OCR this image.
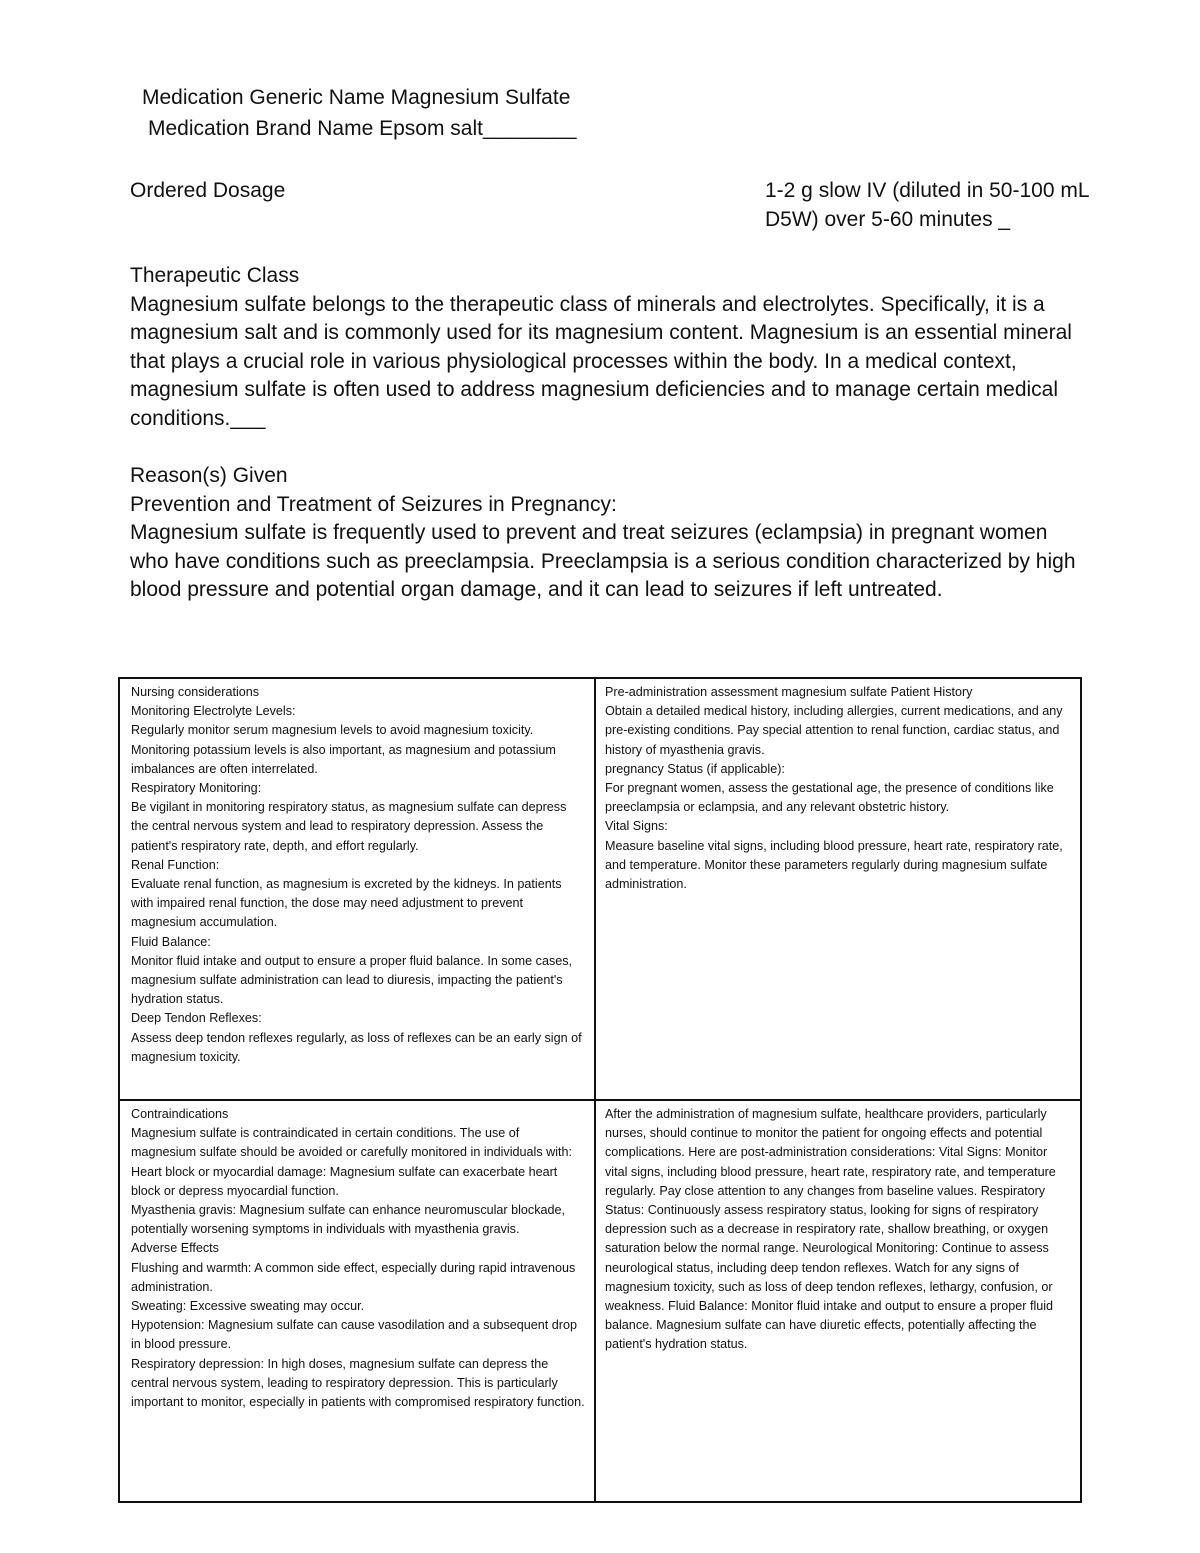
Medication Generic Name Magnesium Sulfate
Medication Brand Name Epsom salt________
Ordered Dosage	1-2 g slow IV (diluted in 50-100 mL D5W) over 5-60 minutes _

Therapeutic Class

Magnesium sulfate belongs to the therapeutic class of minerals and electrolytes. Specifically, it is a magnesium salt and is commonly used for its magnesium content. Magnesium is an essential mineral that plays a crucial role in various physiological processes within the body. In a medical context, magnesium sulfate is often used to address magnesium deficiencies and to manage certain medical conditions.___

Reason(s) Given

Prevention and Treatment of Seizures in Pregnancy:

Magnesium sulfate is frequently used to prevent and treat seizures (eclampsia) in pregnant women who have conditions such as preeclampsia. Preeclampsia is a serious condition characterized by high blood pressure and potential organ damage, and it can lead to seizures if left untreated.

Nursing considerations

Monitoring Electrolyte Levels:

Regularly monitor serum magnesium levels to avoid magnesium toxicity. Monitoring potassium levels is also important, as magnesium and potassium imbalances are often interrelated.

Respiratory Monitoring:

Be vigilant in monitoring respiratory status, as magnesium sulfate can depress the central nervous system and lead to respiratory depression. Assess the patient's respiratory rate, depth, and effort regularly.

Renal Function:

Evaluate renal function, as magnesium is excreted by the kidneys. In patients with impaired renal function, the dose may need adjustment to prevent magnesium accumulation.

Fluid Balance:

Monitor fluid intake and output to ensure a proper fluid balance. In some cases, magnesium sulfate administration can lead to diuresis, impacting the patient's hydration status.

Deep Tendon Reflexes:

Assess deep tendon reflexes regularly, as loss of reflexes can be an early sign of magnesium toxicity.

Pre-administration assessment magnesium sulfate Patient History

Obtain a detailed medical history, including allergies, current medications, and any pre-existing conditions. Pay special attention to renal function, cardiac status, and history of myasthenia gravis.

pregnancy Status (if applicable):

For pregnant women, assess the gestational age, the presence of conditions like preeclampsia or eclampsia, and any relevant obstetric history.

Vital Signs:

Measure baseline vital signs, including blood pressure, heart rate, respiratory rate, and temperature. Monitor these parameters regularly during magnesium sulfate administration.

Contraindications

Magnesium sulfate is contraindicated in certain conditions. The use of magnesium sulfate should be avoided or carefully monitored in individuals with:

Heart block or myocardial damage: Magnesium sulfate can exacerbate heart block or depress myocardial function.

Myasthenia gravis: Magnesium sulfate can enhance neuromuscular blockade, potentially worsening symptoms in individuals with myasthenia gravis.

Adverse Effects

Flushing and warmth: A common side effect, especially during rapid intravenous administration.

Sweating: Excessive sweating may occur.

Hypotension: Magnesium sulfate can cause vasodilation and a subsequent drop in blood pressure.

Respiratory depression: In high doses, magnesium sulfate can depress the central nervous system, leading to respiratory depression. This is particularly important to monitor, especially in patients with compromised respiratory function.

After the administration of magnesium sulfate, healthcare providers, particularly nurses, should continue to monitor the patient for ongoing effects and potential complications. Here are post-administration considerations: Vital Signs: Monitor vital signs, including blood pressure, heart rate, respiratory rate, and temperature regularly. Pay close attention to any changes from baseline values. Respiratory Status: Continuously assess respiratory status, looking for signs of respiratory depression such as a decrease in respiratory rate, shallow breathing, or oxygen saturation below the normal range. Neurological Monitoring: Continue to assess neurological status, including deep tendon reflexes. Watch for any signs of magnesium toxicity, such as loss of deep tendon reflexes, lethargy, confusion, or weakness. Fluid Balance: Monitor fluid intake and output to ensure a proper fluid balance. Magnesium sulfate can have diuretic effects, potentially affecting the patient's hydration status.
